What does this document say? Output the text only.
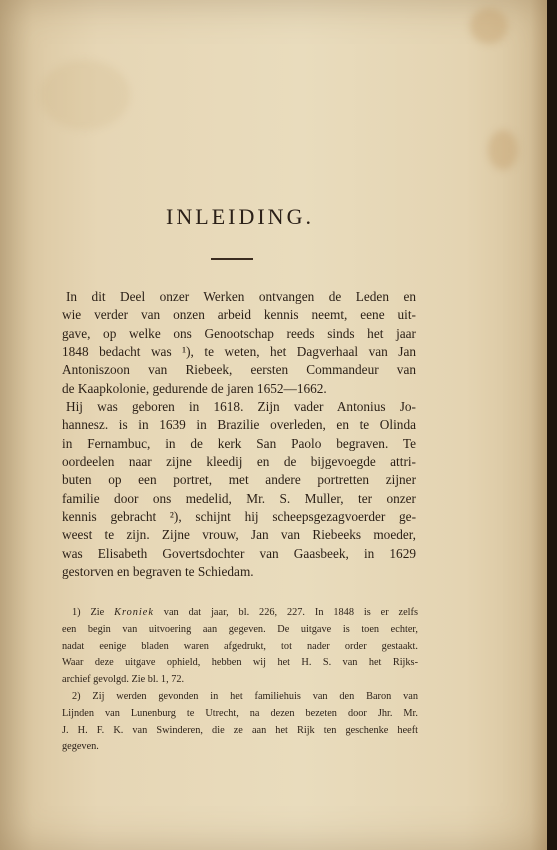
INLEIDING.
In dit Deel onzer Werken ontvangen de Leden en
wie verder van onzen arbeid kennis neemt, eene uit-
gave, op welke ons Genootschap reeds sinds het jaar
1848 bedacht was ¹), te weten, het Dagverhaal van Jan
Antoniszoon van Riebeek, eersten Commandeur van
de Kaapkolonie, gedurende de jaren 1652—1662.
Hij was geboren in 1618. Zijn vader Antonius Jo-
hannesz. is in 1639 in Brazilie overleden, en te Olinda
in Fernambuc, in de kerk San Paolo begraven. Te
oordeelen naar zijne kleedij en de bijgevoegde attri-
buten op een portret, met andere portretten zijner
familie door ons medelid, Mr. S. Muller, ter onzer
kennis gebracht ²), schijnt hij scheepsgezagvoerder ge-
weest te zijn. Zijne vrouw, Jan van Riebeeks moeder,
was Elisabeth Govertsdochter van Gaasbeek, in 1629
gestorven en begraven te Schiedam.
1) Zie Kroniek van dat jaar, bl. 226, 227. In 1848 is er zelfs
een begin van uitvoering aan gegeven. De uitgave is toen echter,
nadat eenige bladen waren afgedrukt, tot nader order gestaakt.
Waar deze uitgave ophield, hebben wij het H. S. van het Rijks-
archief gevolgd. Zie bl. 1, 72.
2) Zij werden gevonden in het familiehuis van den Baron van
Lijnden van Lunenburg te Utrecht, na dezen bezeten door Jhr. Mr.
J. H. F. K. van Swinderen, die ze aan het Rijk ten geschenke heeft
gegeven.
